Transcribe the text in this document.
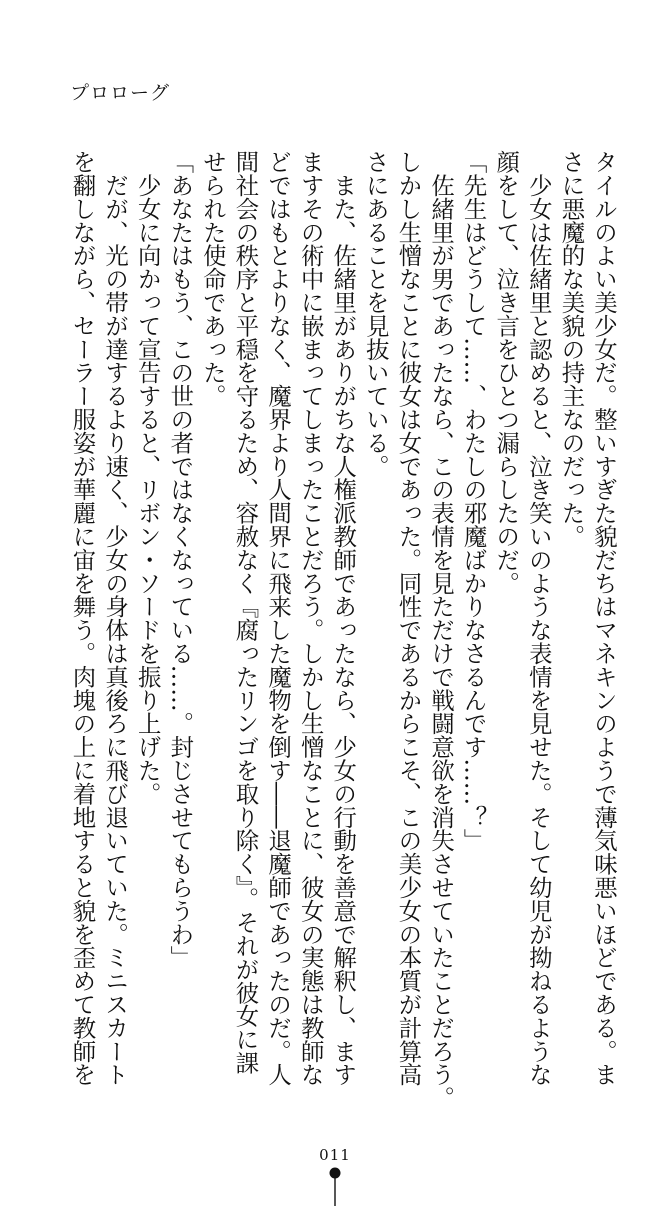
プロローグ

タイルのよい美少女だ。整いすぎた貌だちはマネキンのようで薄気味悪いほどである。ま

さに悪魔的な美貌の持主なのだった。

　少女は佐緒里と認めると、泣き笑いのような表情を見せた。そして幼児が拗ねるような

顔をして、泣き言をひとつ漏らしたのだ。

「先生はどうして……、わたしの邪魔ばかりなさるんです……？」

　佐緒里が男であったなら、この表情を見ただけで戦闘意欲を消失させていたことだろう。

しかし生憎なことに彼女は女であった。同性であるからこそ、この美少女の本質が計算高

さにあることを見抜いている。

　また、佐緒里がありがちな人権派教師であったなら、少女の行動を善意で解釈し、ます

ますその術中に嵌まってしまったことだろう。しかし生憎なことに、彼女の実態は教師な

どではもとよりなく、魔界より人間界に飛来した魔物を倒す――退魔師であったのだ。人

間社会の秩序と平穏を守るため、容赦なく『腐ったリンゴを取り除く』。それが彼女に課

せられた使命であった。

「あなたはもう、この世の者ではなくなっている……。封じさせてもらうわ」

　少女に向かって宣告すると、リボン・ソードを振り上げた。

　だが、光の帯が達するより速く、少女の身体は真後ろに飛び退いていた。ミニスカート

を翻しながら、セーラー服姿が華麗に宙を舞う。肉塊の上に着地すると貌を歪めて教師を

011
